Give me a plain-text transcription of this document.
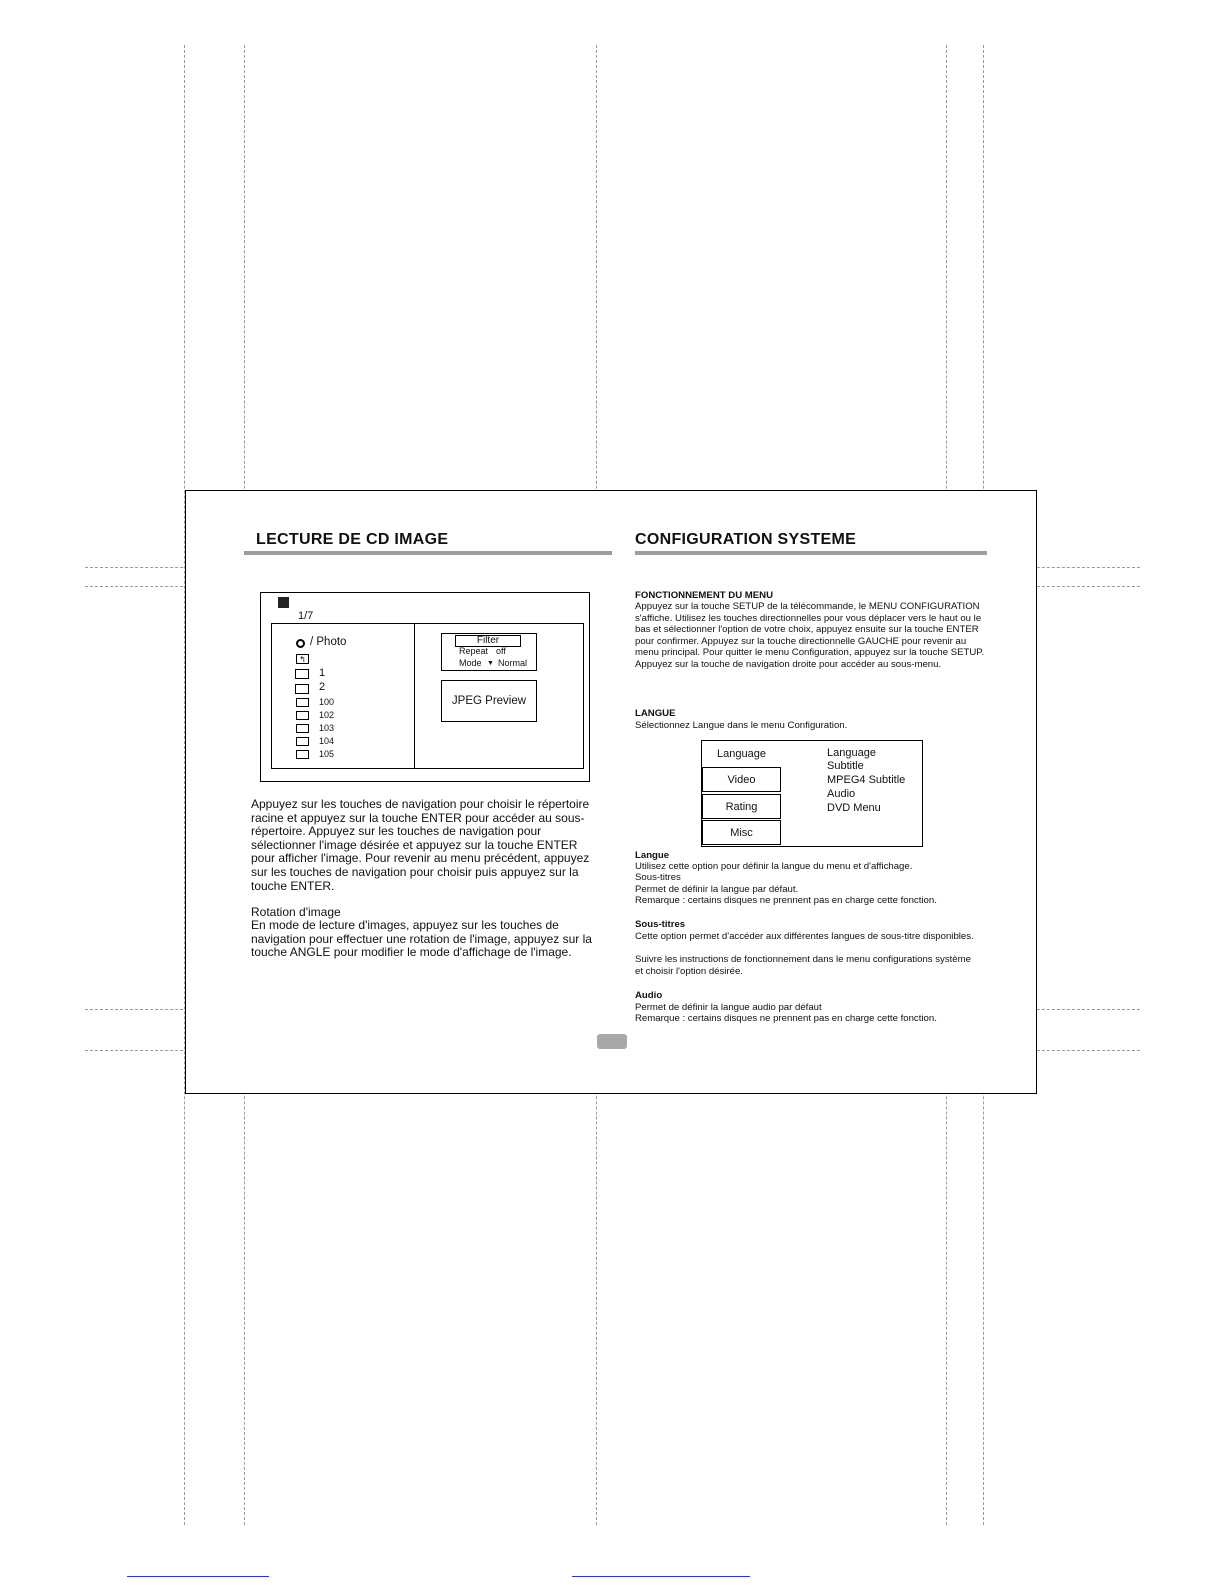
LECTURE DE CD IMAGE
1/7
/ Photo
↰
1
2
100
102
103
104
105
Filter
Repeat off
Mode ▼ Normal
JPEG Preview
Appuyez sur les touches de navigation pour choisir le répertoire racine et appuyez sur la touche ENTER pour accéder au sous-répertoire. Appuyez sur les touches de navigation pour sélectionner l'image désirée et appuyez sur la touche ENTER pour afficher l'image. Pour revenir au menu précédent, appuyez sur les touches de navigation pour choisir puis appuyez sur la touche ENTER.
Rotation d'image
En mode de lecture d'images, appuyez sur les touches de navigation pour effectuer une rotation de l'image, appuyez sur la touche ANGLE pour modifier le mode d'affichage de l'image.
CONFIGURATION SYSTEME
FONCTIONNEMENT DU MENU
Appuyez sur la touche SETUP de la télécommande, le MENU CONFIGURATION s'affiche. Utilisez les touches directionnelles pour vous déplacer vers le haut ou le bas et sélectionner l'option de votre choix, appuyez ensuite sur la touche ENTER pour confirmer. Appuyez sur la touche directionnelle GAUCHE pour revenir au menu principal. Pour quitter le menu Configuration, appuyez sur la touche SETUP. Appuyez sur la touche de navigation droite pour accéder au sous-menu.
LANGUE
Sélectionnez Langue dans le menu Configuration.
Language
Video
Rating
Misc
Language
Subtitle
MPEG4 Subtitle
Audio
DVD Menu
Langue
Utilisez cette option pour définir la langue du menu et d'affichage.
Sous-titres
Permet de définir la langue par défaut.
Remarque : certains disques ne prennent pas en charge cette fonction.
Sous-titres
Cette option permet d'accéder aux différentes langues de sous-titre disponibles.
Suivre les instructions de fonctionnement dans le menu configurations système et choisir l'option désirée.
Audio
Permet de définir la langue audio par défaut
Remarque : certains disques ne prennent pas en charge cette fonction.
